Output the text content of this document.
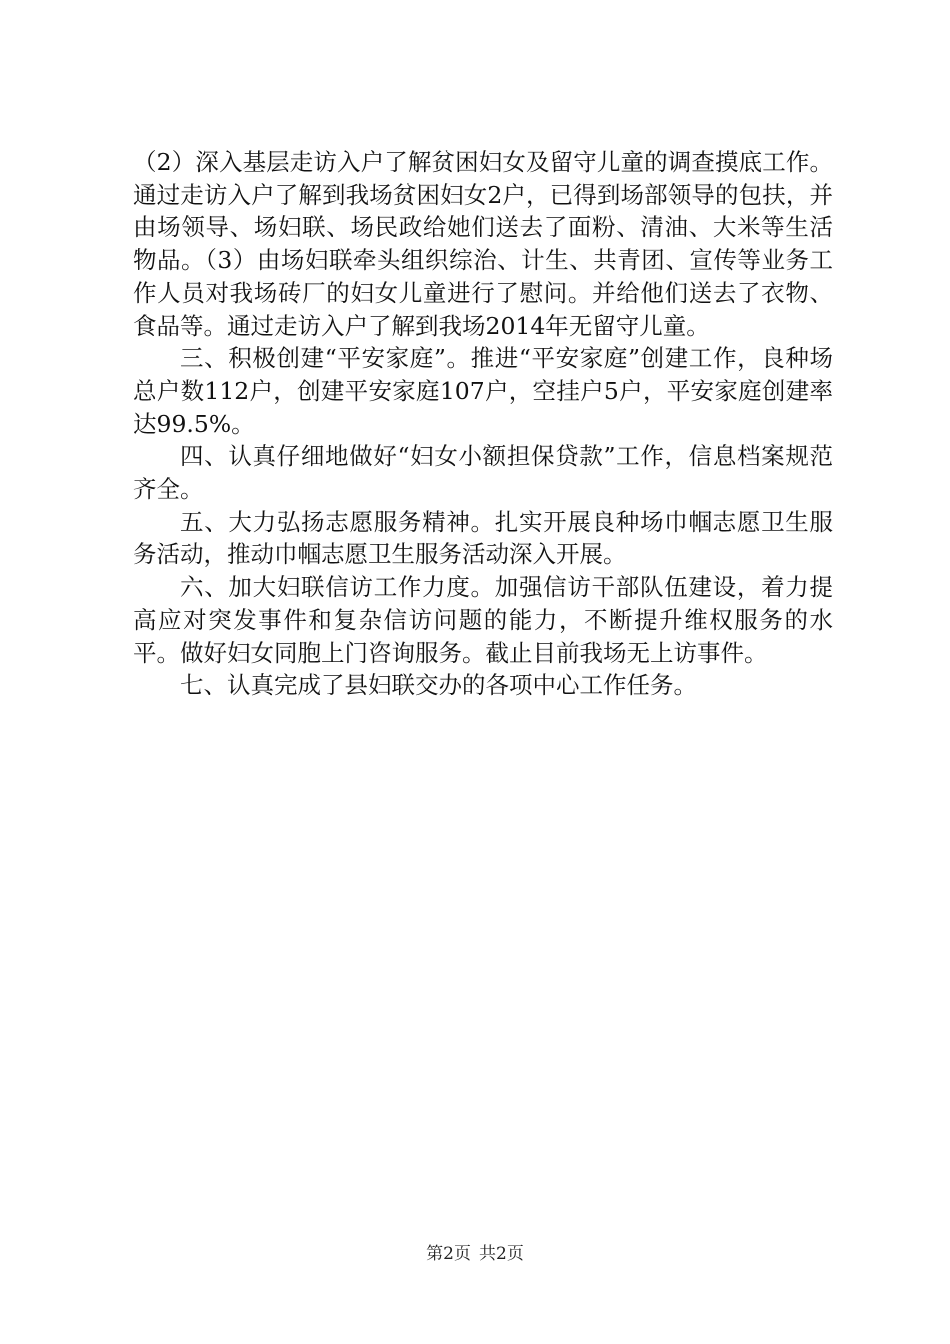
（2）深入基层走访入户了解贫困妇女及留守儿童的调查摸底工作。通过走访入户了解到我场贫困妇女2户，已得到场部领导的包扶，并由场领导、场妇联、场民政给她们送去了面粉、清油、大米等生活物品。（3）由场妇联牵头组织综治、计生、共青团、宣传等业务工作人员对我场砖厂的妇女儿童进行了慰问。并给他们送去了衣物、食品等。通过走访入户了解到我场2014年无留守儿童。

三、积极创建“平安家庭”。推进“平安家庭”创建工作，良种场总户数112户，创建平安家庭107户，空挂户5户，平安家庭创建率达99.5%。

四、认真仔细地做好“妇女小额担保贷款”工作，信息档案规范齐全。

五、大力弘扬志愿服务精神。扎实开展良种场巾帼志愿卫生服务活动，推动巾帼志愿卫生服务活动深入开展。

六、加大妇联信访工作力度。加强信访干部队伍建设，着力提高应对突发事件和复杂信访问题的能力，不断提升维权服务的水平。做好妇女同胞上门咨询服务。截止目前我场无上访事件。

七、认真完成了县妇联交办的各项中心工作任务。

第2页 共2页
